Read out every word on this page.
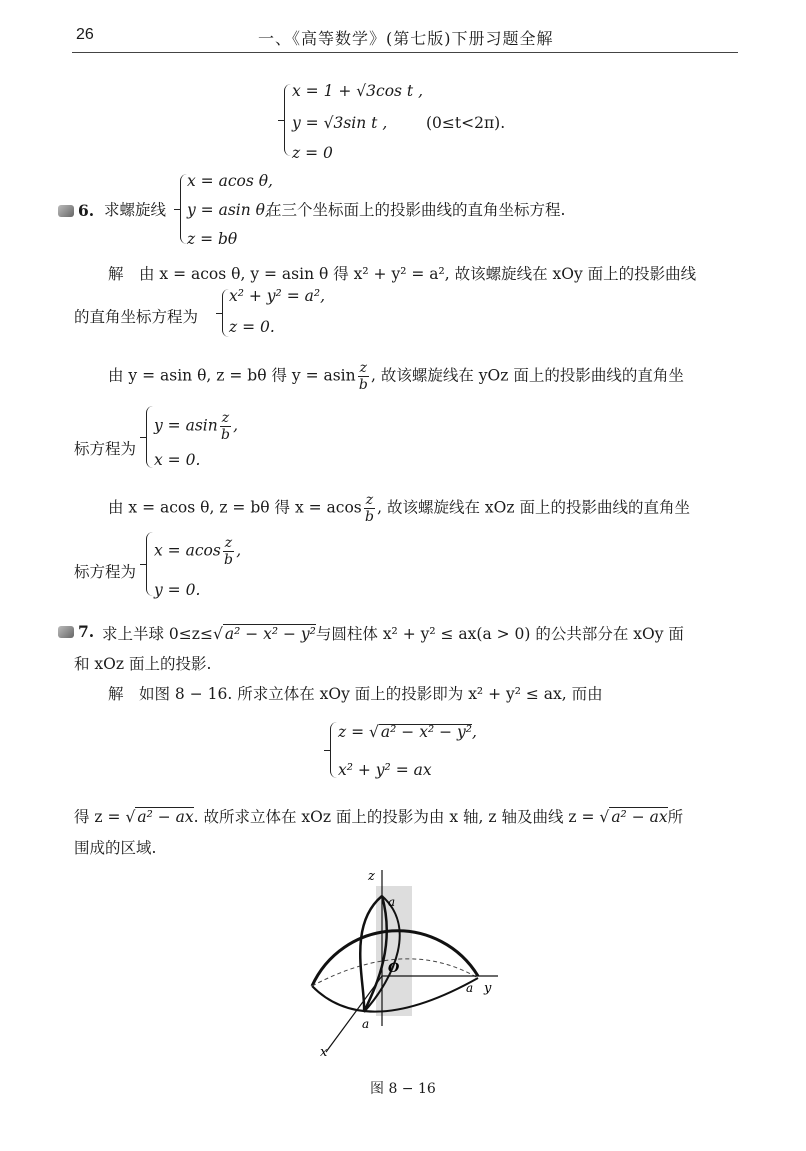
26	一、《高等数学》(第七版)下册习题全解
x = 1 + √3cos t ,
y = √3sin t ,
z = 0
(0≤t<2π).
6. 求螺旋线
x = acos θ,
y = asin θ,
z = bθ
在三个坐标面上的投影曲线的直角坐标方程.
解　由 x = acos θ, y = asin θ 得 x² + y² = a², 故该螺旋线在 xOy 面上的投影曲线
的直角坐标方程为
x² + y² = a²,
z = 0.
由 y = asin θ, z = bθ 得 y = asin $\frac{z}{b}$ , 故该螺旋线在 yOz 面上的投影曲线的直角坐
标方程为
y = asin $\frac{z}{b}$ ,
x = 0.
由 x = acos θ, z = bθ 得 x = acos $\frac{z}{b}$ , 故该螺旋线在 xOz 面上的投影曲线的直角坐
标方程为
x = acos $\frac{z}{b}$ ,
y = 0.
7. 求上半球 0≤z≤√ a² − x² − y²与圆柱体 x² + y² ≤ ax(a > 0) 的公共部分在 xOy 面
和 xOz 面上的投影.
解　如图 8 − 16. 所求立体在 xOy 面上的投影即为 x² + y² ≤ ax, 而由
z = √ a² − x² − y²,
x² + y² = ax
得 z = √ a² − ax. 故所求立体在 xOz 面上的投影为由 x 轴, z 轴及曲线 z = √ a² − ax所
围成的区域.
z
a
O
a y
a
x
图 8 − 16
